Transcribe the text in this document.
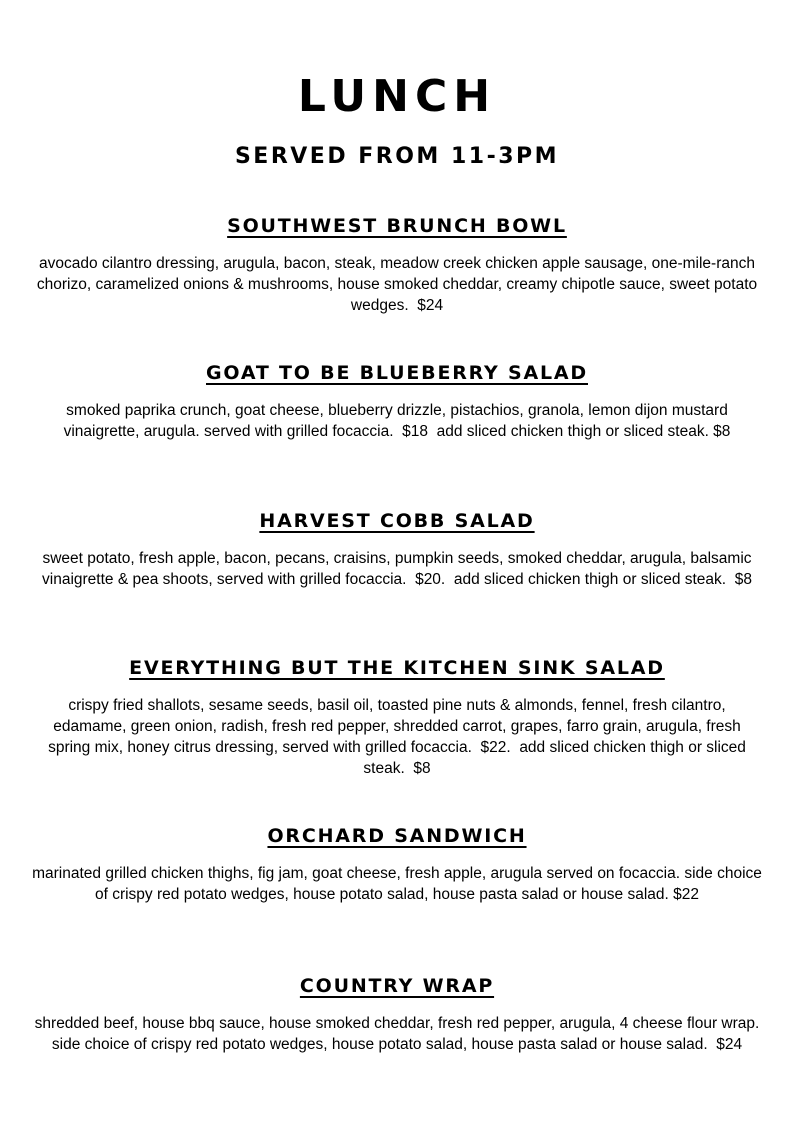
LUNCH
SERVED FROM 11-3PM
SOUTHWEST BRUNCH BOWL

avocado cilantro dressing, arugula, bacon, steak, meadow creek chicken apple sausage, one-mile-ranch chorizo, caramelized onions & mushrooms, house smoked cheddar, creamy chipotle sauce, sweet potato wedges.  $24

GOAT TO BE BLUEBERRY SALAD

smoked paprika crunch, goat cheese, blueberry drizzle, pistachios, granola, lemon dijon mustard vinaigrette, arugula. served with grilled focaccia.  $18  add sliced chicken thigh or sliced steak. $8

HARVEST COBB SALAD

sweet potato, fresh apple, bacon, pecans, craisins, pumpkin seeds, smoked cheddar, arugula, balsamic vinaigrette & pea shoots, served with grilled focaccia.  $20.  add sliced chicken thigh or sliced steak.  $8

EVERYTHING BUT THE KITCHEN SINK SALAD

crispy fried shallots, sesame seeds, basil oil, toasted pine nuts & almonds, fennel, fresh cilantro, edamame, green onion, radish, fresh red pepper, shredded carrot, grapes, farro grain, arugula, fresh spring mix, honey citrus dressing, served with grilled focaccia.  $22.  add sliced chicken thigh or sliced steak.  $8

ORCHARD SANDWICH

marinated grilled chicken thighs, fig jam, goat cheese, fresh apple, arugula served on focaccia. side choice of crispy red potato wedges, house potato salad, house pasta salad or house salad. $22

COUNTRY WRAP

shredded beef, house bbq sauce, house smoked cheddar, fresh red pepper, arugula, 4 cheese flour wrap.  side choice of crispy red potato wedges, house potato salad, house pasta salad or house salad.  $24
